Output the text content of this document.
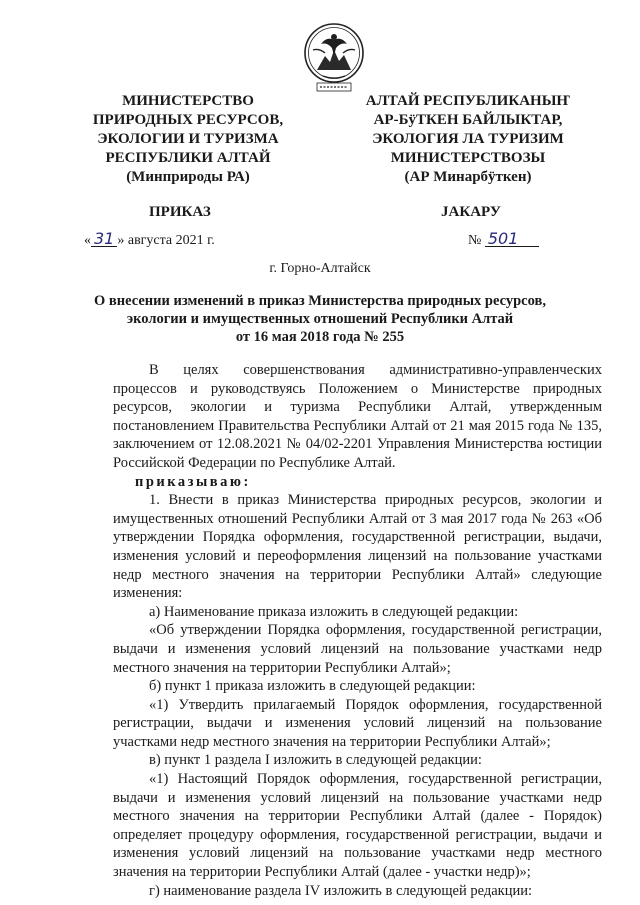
МИНИСТЕРСТВО
ПРИРОДНЫХ РЕСУРСОВ,
ЭКОЛОГИИ И ТУРИЗМА
РЕСПУБЛИКИ АЛТАЙ
(Минприроды РА)
АЛТАЙ РЕСПУБЛИКАНЫҤ
АР-БÿТКЕН БАЙЛЫКТАР,
ЭКОЛОГИЯ ЛА ТУРИЗИМ
МИНИСТЕРСТВОЗЫ
(АР Минарбÿткен)
ПРИКАЗ	JАКАРУ
« 31 » августа 2021 г.	№ 501
г. Горно-Алтайск
О внесении изменений в приказ Министерства природных ресурсов,
экологии и имущественных отношений Республики Алтай
от 16 мая 2018 года № 255

В целях совершенствования административно-управленческих процессов и руководствуясь Положением о Министерстве природных ресурсов, экологии и туризма Республики Алтай, утвержденным постановлением Правительства Республики Алтай от 21 мая 2015 года № 135, заключением от 12.08.2021 № 04/02-2201 Управления Министерства юстиции Российской Федерации по Республике Алтай.

приказываю:

1. Внести в приказ Министерства природных ресурсов, экологии и имущественных отношений Республики Алтай от 3 мая 2017 года № 263 «Об утверждении Порядка оформления, государственной регистрации, выдачи, изменения условий и переоформления лицензий на пользование участками недр местного значения на территории Республики Алтай» следующие изменения:

а) Наименование приказа изложить в следующей редакции:

«Об утверждении Порядка оформления, государственной регистрации, выдачи и изменения условий лицензий на пользование участками недр местного значения на территории Республики Алтай»;

б) пункт 1 приказа изложить в следующей редакции:

«1) Утвердить прилагаемый Порядок оформления, государственной регистрации, выдачи и изменения условий лицензий на пользование участками недр местного значения на территории Республики Алтай»;

в) пункт 1 раздела I изложить в следующей редакции:

«1) Настоящий Порядок оформления, государственной регистрации, выдачи и изменения условий лицензий на пользование участками недр местного значения на территории Республики Алтай (далее - Порядок) определяет процедуру оформления, государственной регистрации, выдачи и изменения условий лицензий на пользование участками недр местного значения на территории Республики Алтай (далее - участки недр)»;

г) наименование раздела IV изложить в следующей редакции:
